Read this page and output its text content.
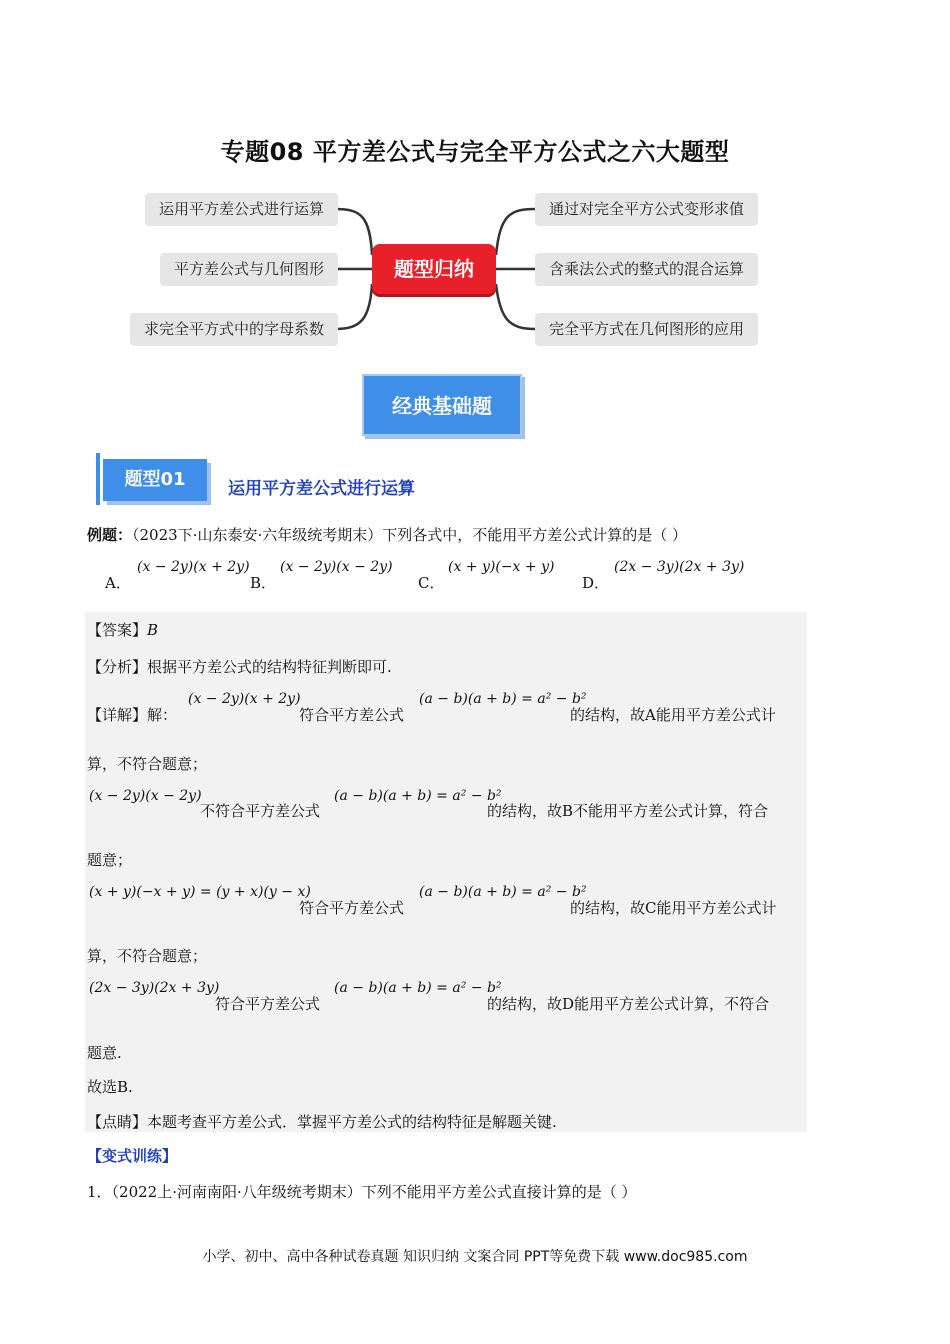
专题08 平方差公式与完全平方公式之六大题型
运用平方差公式进行运算
平方差公式与几何图形
求完全平方式中的字母系数
题型归纳
通过对完全平方公式变形求值
含乘法公式的整式的混合运算
完全平方式在几何图形的应用
经典基础题
题型01	运用平方差公式进行运算
例题：（2023下·山东泰安·六年级统考期末）下列各式中，不能用平方差公式计算的是（ ）
A．
(x − 2y)(x + 2y)
B．
(x − 2y)(x − 2y)
C．
(x + y)(−x + y)
D．
(2x − 3y)(2x + 3y)
【答案】B
【分析】根据平方差公式的结构特征判断即可.
【详解】解：
(x − 2y)(x + 2y)
符合平方差公式
(a − b)(a + b) = a² − b²
的结构，故A能用平方差公式计
算，不符合题意；
(x − 2y)(x − 2y)
不符合平方差公式
(a − b)(a + b) = a² − b²
的结构，故B不能用平方差公式计算，符合
题意；
(x + y)(−x + y) = (y + x)(y − x)
符合平方差公式
(a − b)(a + b) = a² − b²
的结构，故C能用平方差公式计
算，不符合题意；
(2x − 3y)(2x + 3y)
符合平方差公式
(a − b)(a + b) = a² − b²
的结构，故D能用平方差公式计算，不符合
题意.
故选B.
【点睛】本题考查平方差公式．掌握平方差公式的结构特征是解题关键.
【变式训练】
1．（2022上·河南南阳·八年级统考期末）下列不能用平方差公式直接计算的是（ ）
小学、初中、高中各种试卷真题 知识归纳 文案合同 PPT等免费下载 www.doc985.com
